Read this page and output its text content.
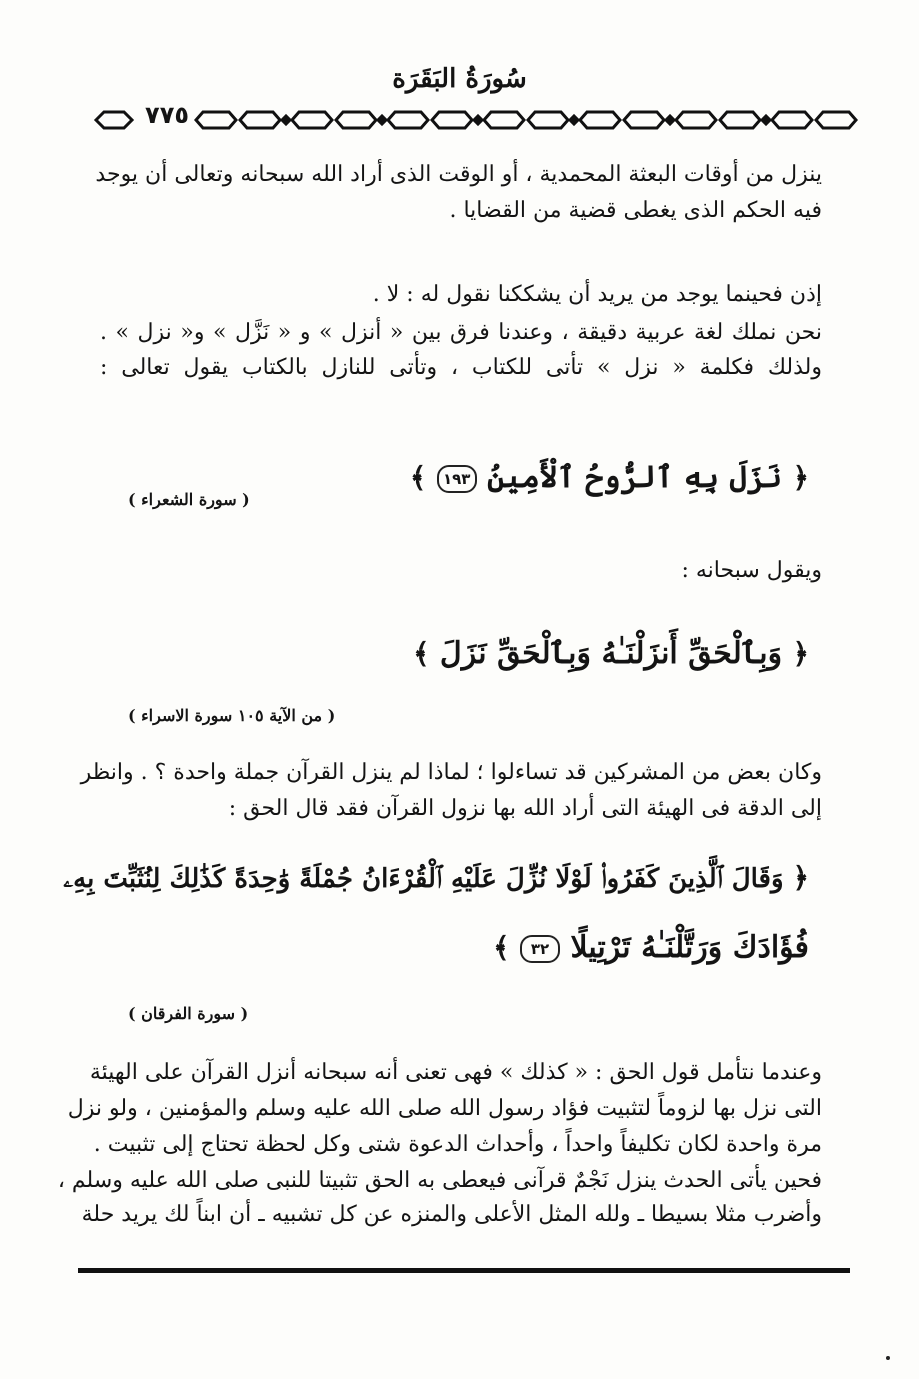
سُورَةُ البَقَرَة
٧٧٥
ينزل من أوقات البعثة المحمدية ، أو الوقت الذى أراد الله سبحانه وتعالى أن يوجد
فيه الحكم الذى يغطى قضية من القضايا .
إذن فحينما يوجد من يريد أن يشككنا نقول له : لا .
نحن نملك لغة عربية دقيقة ، وعندنا فرق بين « أنزل » و « نَزَّل » و« نزل » .
ولذلك فكلمة « نزل » تأتى للكتاب ، وتأتى للنازل بالكتاب يقول تعالى :
﴿ نَزَلَ بِهِ ٱلرُّوحُ ٱلْأَمِينُ ١٩٣ ﴾
( سورة الشعراء )
ويقول سبحانه :
﴿ وَبِٱلْحَقِّ أَنزَلْنَـٰهُ وَبِٱلْحَقِّ نَزَلَ ﴾
( من الآية ١٠٥ سورة الاسراء )
وكان بعض من المشركين قد تساءلوا ؛ لماذا لم ينزل القرآن جملة واحدة ؟ . وانظر
إلى الدقة فى الهيئة التى أراد الله بها نزول القرآن فقد قال الحق :
﴿ وَقَالَ ٱلَّذِينَ كَفَرُوا۟ لَوْلَا نُزِّلَ عَلَيْهِ ٱلْقُرْءَانُ جُمْلَةً وَٰحِدَةً كَذَٰلِكَ لِنُثَبِّتَ بِهِۦ
فُؤَادَكَ وَرَتَّلْنَـٰهُ تَرْتِيلًا ٣٢ ﴾
( سورة الفرقان )
وعندما نتأمل قول الحق : « كذلك » فهى تعنى أنه سبحانه أنزل القرآن على الهيئة
التى نزل بها لزوماً لتثبيت فؤاد رسول الله صلى الله عليه وسلم والمؤمنين ، ولو نزل
مرة واحدة لكان تكليفاً واحداً ، وأحداث الدعوة شتى وكل لحظة تحتاج إلى تثبيت .
فحين يأتى الحدث ينزل نَجْمٌ قرآنى فيعطى به الحق تثبيتا للنبى صلى الله عليه وسلم ،
وأضرب مثلا بسيطا ـ ولله المثل الأعلى والمنزه عن كل تشبيه ـ أن ابناً لك يريد حلة
